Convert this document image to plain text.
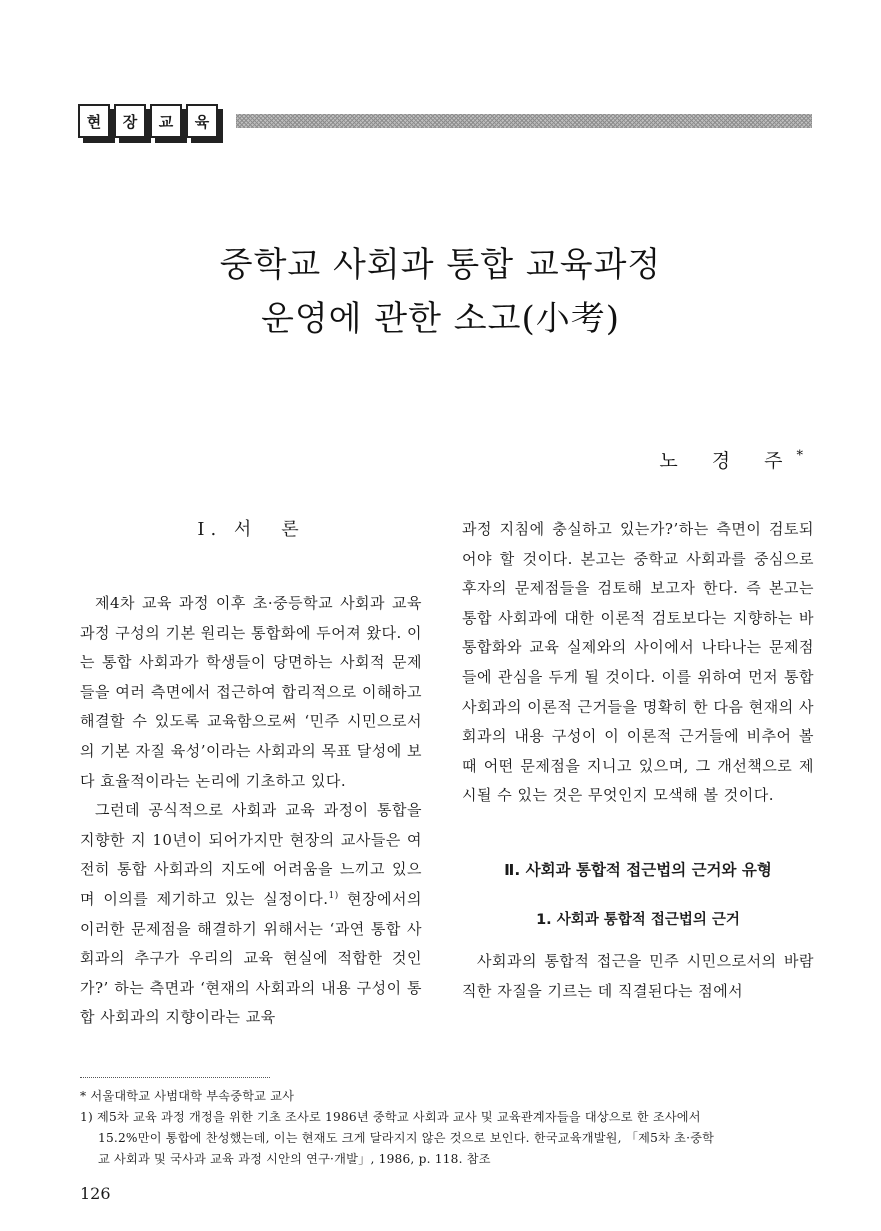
현	장	교	육
중학교 사회과 통합 교육과정
운영에 관한 소고(小考)
노 경 주*
Ⅰ. 서　론

제4차 교육 과정 이후 초·중등학교 사회과 교육 과정 구성의 기본 원리는 통합화에 두어져 왔다. 이는 통합 사회과가 학생들이 당면하는 사회적 문제들을 여러 측면에서 접근하여 합리적으로 이해하고 해결할 수 있도록 교육함으로써 ‘민주 시민으로서의 기본 자질 육성’이라는 사회과의 목표 달성에 보다 효율적이라는 논리에 기초하고 있다.

그런데 공식적으로 사회과 교육 과정이 통합을 지향한 지 10년이 되어가지만 현장의 교사들은 여전히 통합 사회과의 지도에 어려움을 느끼고 있으며 이의를 제기하고 있는 실정이다.$^{1)}$ 현장에서의 이러한 문제점을 해결하기 위해서는 ‘과연 통합 사회과의 추구가 우리의 교육 현실에 적합한 것인가?’ 하는 측면과 ‘현재의 사회과의 내용 구성이 통합 사회과의 지향이라는 교육

과정 지침에 충실하고 있는가?’하는 측면이 검토되어야 할 것이다. 본고는 중학교 사회과를 중심으로 후자의 문제점들을 검토해 보고자 한다. 즉 본고는 통합 사회과에 대한 이론적 검토보다는 지향하는 바 통합화와 교육 실제와의 사이에서 나타나는 문제점들에 관심을 두게 될 것이다. 이를 위하여 먼저 통합 사회과의 이론적 근거들을 명확히 한 다음 현재의 사회과의 내용 구성이 이 이론적 근거들에 비추어 볼 때 어떤 문제점을 지니고 있으며, 그 개선책으로 제시될 수 있는 것은 무엇인지 모색해 볼 것이다.

Ⅱ. 사회과 통합적 접근법의 근거와 유형
1. 사회과 통합적 접근법의 근거

사회과의 통합적 접근을 민주 시민으로서의 바람직한 자질을 기르는 데 직결된다는 점에서

* 서울대학교 사범대학 부속중학교 교사

1) 제5차 교육 과정 개정을 위한 기초 조사로 1986년 중학교 사회과 교사 및 교육관계자들을 대상으로 한 조사에서

15.2%만이 통합에 찬성했는데, 이는 현재도 크게 달라지지 않은 것으로 보인다. 한국교육개발원, 「제5차 초·중학

교 사회과 및 국사과 교육 과정 시안의 연구·개발」, 1986, p. 118. 참조

126
